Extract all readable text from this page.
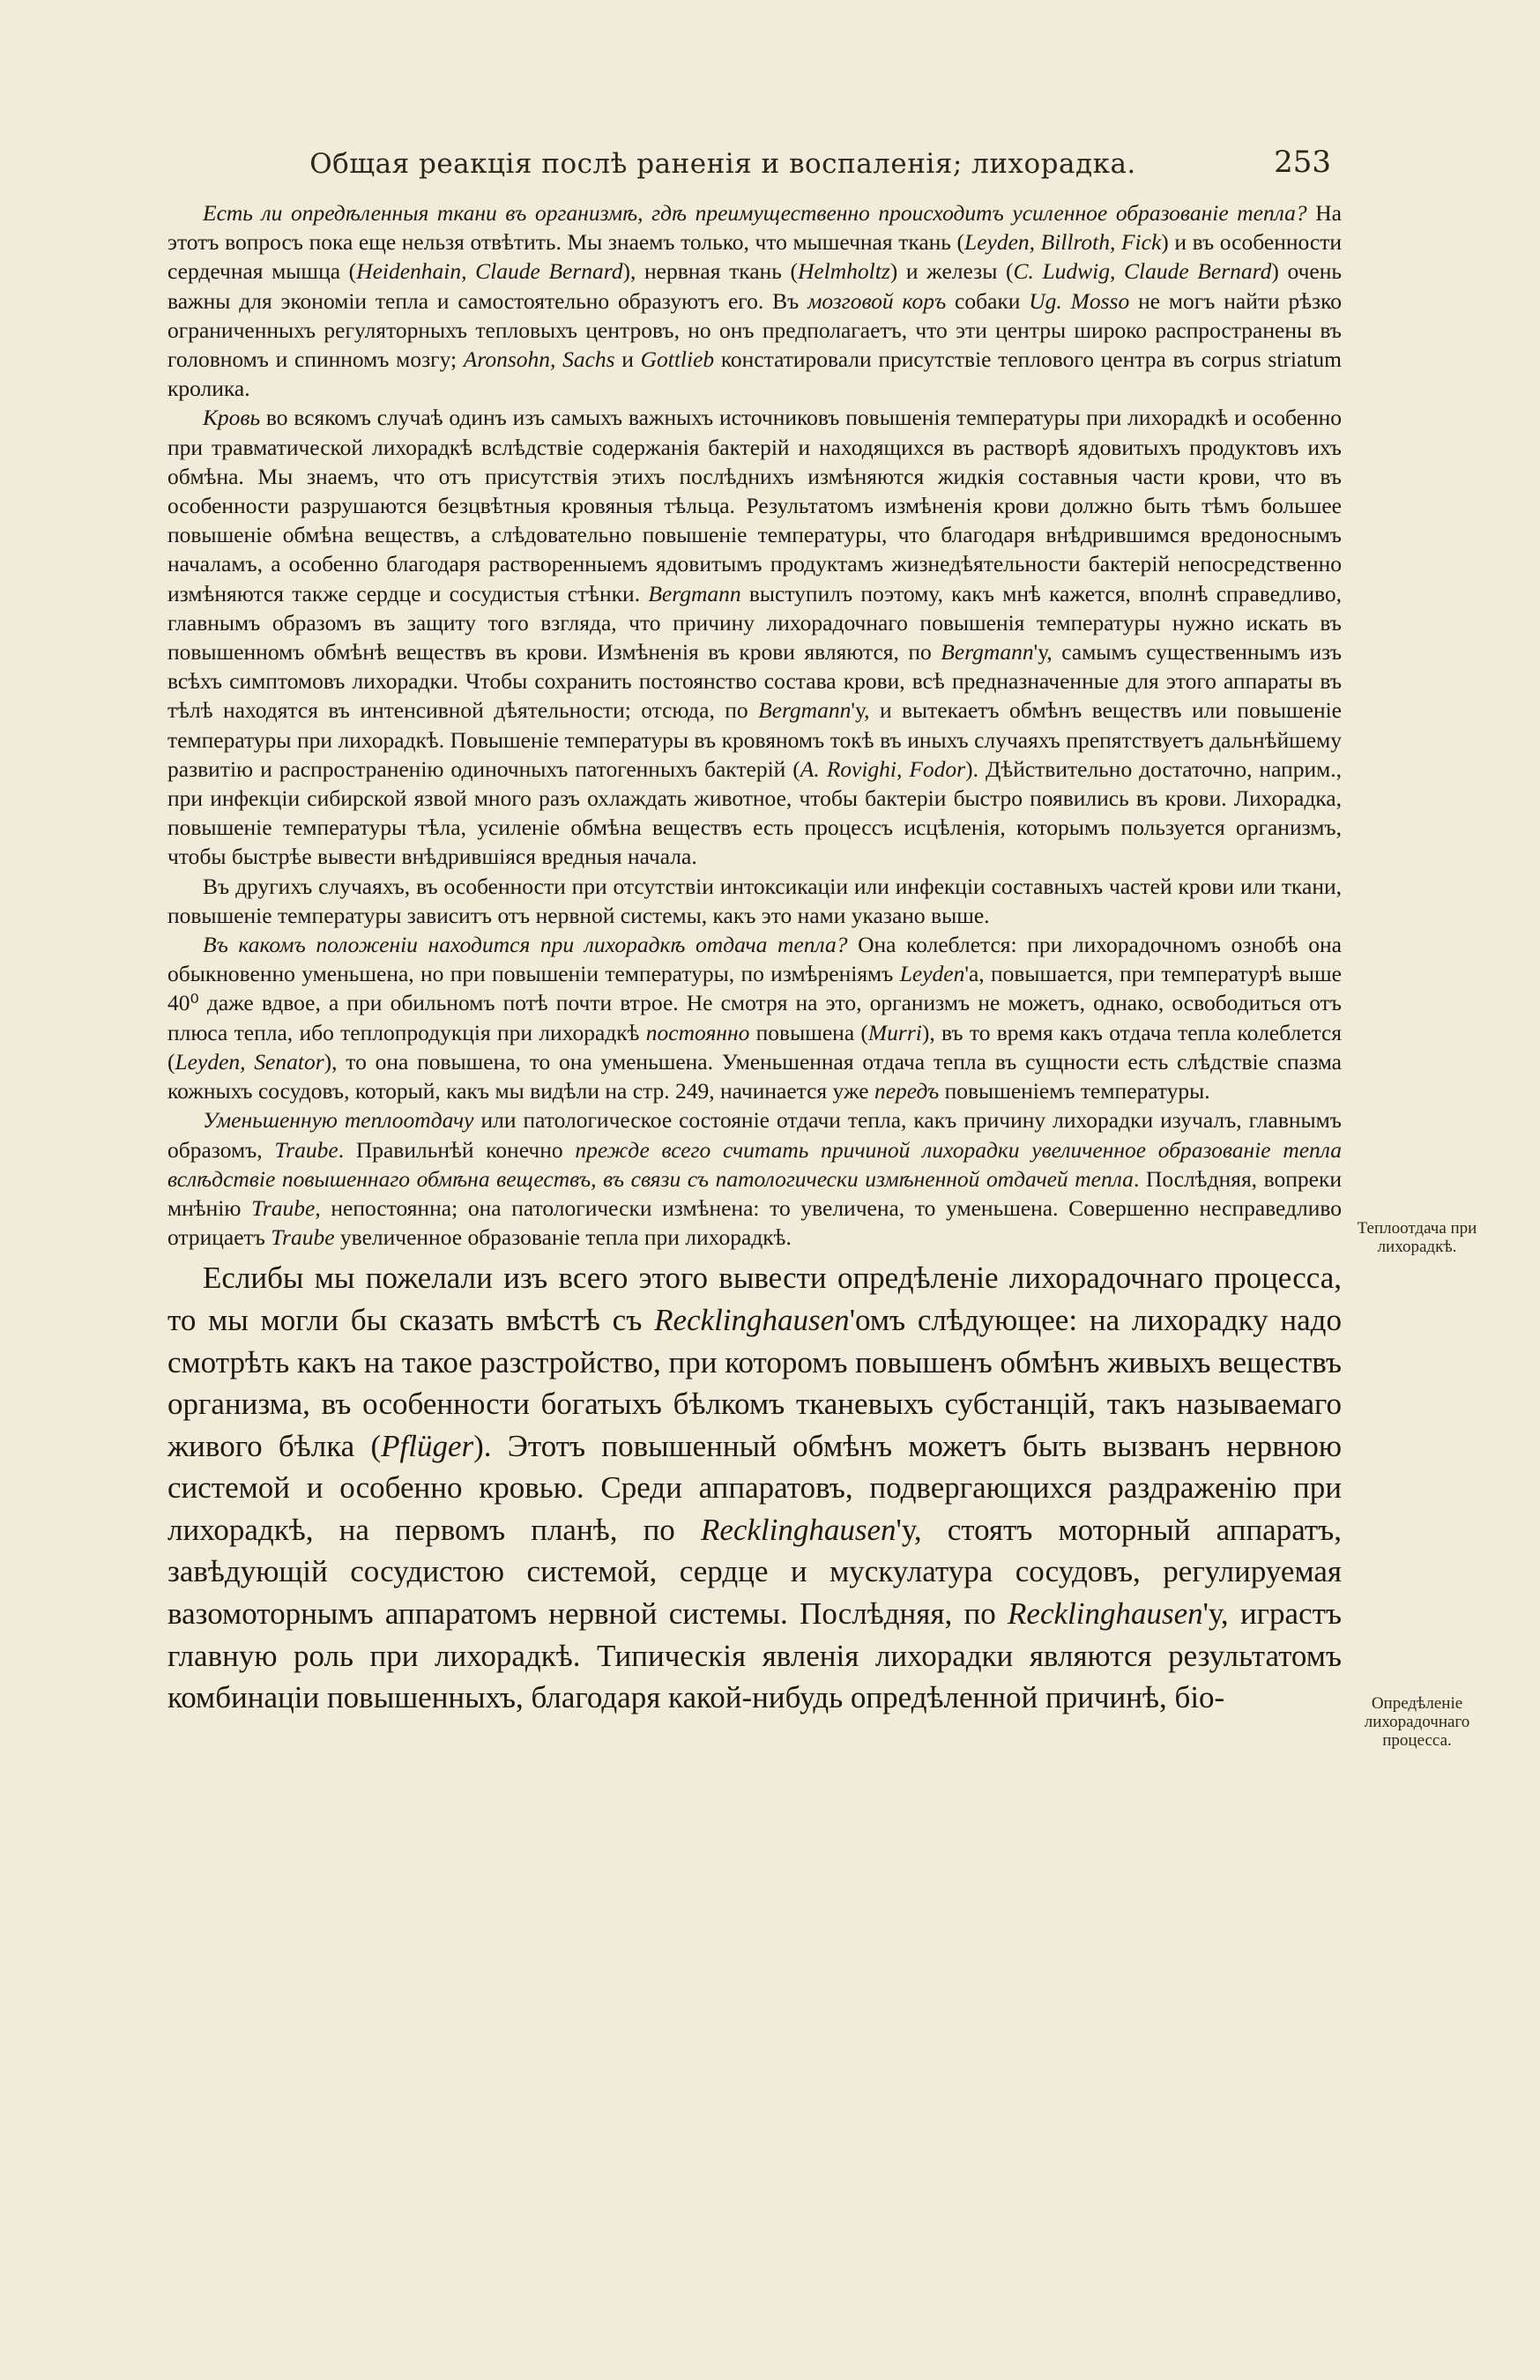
Общая реакція послѣ раненія и воспаленія; лихорадка.	253
Теплоотдача при лихорадкѣ.
Опредѣленіе лихорадочнаго процесса.

Есть ли опредѣленныя ткани въ организмѣ, гдѣ преимущественно происходитъ усиленное образованіе тепла? На этотъ вопросъ пока еще нельзя отвѣтить. Мы знаемъ только, что мышечная ткань (Leyden, Billroth, Fick) и въ особенности сердечная мышца (Heidenhain, Claude Bernard), нервная ткань (Helmholtz) и железы (C. Ludwig, Claude Bernard) очень важны для экономіи тепла и самостоятельно образуютъ его. Въ мозговой коръ собаки Ug. Mosso не могъ найти рѣзко ограниченныхъ регуляторныхъ тепловыхъ центровъ, но онъ предполагаетъ, что эти центры широко распространены въ головномъ и спинномъ мозгу; Aronsohn, Sachs и Gottlieb констатировали присутствіе теплового центра въ corpus striatum кролика.

Кровь во всякомъ случаѣ одинъ изъ самыхъ важныхъ источниковъ повышенія температуры при лихорадкѣ и особенно при травматической лихорадкѣ вслѣдствіе содержанія бактерій и находящихся въ растворѣ ядовитыхъ продуктовъ ихъ обмѣна. Мы знаемъ, что отъ присутствія этихъ послѣднихъ измѣняются жидкія составныя части крови, что въ особенности разрушаются безцвѣтныя кровяныя тѣльца. Результатомъ измѣненія крови должно быть тѣмъ большее повышеніе обмѣна веществъ, а слѣдовательно повышеніе температуры, что благодаря внѣдрившимся вредоноснымъ началамъ, а особенно благодаря растворенныемъ ядовитымъ продуктамъ жизнедѣятельности бактерій непосредственно измѣняются также сердце и сосудистыя стѣнки. Bergmann выступилъ поэтому, какъ мнѣ кажется, вполнѣ справедливо, главнымъ образомъ въ защиту того взгляда, что причину лихорадочнаго повышенія температуры нужно искать въ повышенномъ обмѣнѣ веществъ въ крови. Измѣненія въ крови являются, по Bergmann'у, самымъ существеннымъ изъ всѣхъ симптомовъ лихорадки. Чтобы сохранить постоянство состава крови, всѣ предназначенные для этого аппараты въ тѣлѣ находятся въ интенсивной дѣятельности; отсюда, по Bergmann'у, и вытекаетъ обмѣнъ веществъ или повышеніе температуры при лихорадкѣ. Повышеніе температуры въ кровяномъ токѣ въ иныхъ случаяхъ препятствуетъ дальнѣйшему развитію и распространенію одиночныхъ патогенныхъ бактерій (A. Rovighi, Fodor). Дѣйствительно достаточно, наприм., при инфекціи сибирской язвой много разъ охлаждать животное, чтобы бактеріи быстро появились въ крови. Лихорадка, повышеніе температуры тѣла, усиленіе обмѣна веществъ есть процессъ исцѣленія, которымъ пользуется организмъ, чтобы быстрѣе вывести внѣдрившіяся вредныя начала.

Въ другихъ случаяхъ, въ особенности при отсутствіи интоксикаціи или инфекціи составныхъ частей крови или ткани, повышеніе температуры зависитъ отъ нервной системы, какъ это нами указано выше.

Въ какомъ положеніи находится при лихорадкѣ отдача тепла? Она колеблется: при лихорадочномъ ознобѣ она обыкновенно уменьшена, но при повышеніи температуры, по измѣреніямъ Leyden'а, повышается, при температурѣ выше 40⁰ даже вдвое, а при обильномъ потѣ почти втрое. Не смотря на это, организмъ не можетъ, однако, освободиться отъ плюса тепла, ибо теплопродукція при лихорадкѣ постоянно повышена (Murri), въ то время какъ отдача тепла колеблется (Leyden, Senator), то она повышена, то она уменьшена. Уменьшенная отдача тепла въ сущности есть слѣдствіе спазма кожныхъ сосудовъ, который, какъ мы видѣли на стр. 249, начинается уже передъ повышеніемъ температуры.

Уменьшенную теплоотдачу или патологическое состояніе отдачи тепла, какъ причину лихорадки изучалъ, главнымъ образомъ, Traube. Правильнѣй конечно прежде всего считать причиной лихорадки увеличенное образованіе тепла вслѣдствіе повышеннаго обмѣна веществъ, въ связи съ патологически измѣненной отдачей тепла. Послѣдняя, вопреки мнѣнію Traube, непостоянна; она патологически измѣнена: то увеличена, то уменьшена. Совершенно несправедливо отрицаетъ Traube увеличенное образованіе тепла при лихорадкѣ.

Еслибы мы пожелали изъ всего этого вывести опредѣленіе лихорадочнаго процесса, то мы могли бы сказать вмѣстѣ съ Recklinghausen'омъ слѣдующее: на лихорадку надо смотрѣть какъ на такое разстройство, при которомъ повышенъ обмѣнъ живыхъ веществъ организма, въ особенности богатыхъ бѣлкомъ тканевыхъ субстанцій, такъ называемаго живого бѣлка (Pflüger). Этотъ повышенный обмѣнъ можетъ быть вызванъ нервною системой и особенно кровью. Среди аппаратовъ, подвергающихся раздраженію при лихорадкѣ, на первомъ планѣ, по Recklinghausen'у, стоятъ моторный аппаратъ, завѣдующій сосудистою системой, сердце и мускулатура сосудовъ, регулируемая вазомоторнымъ аппаратомъ нервной системы. Послѣдняя, по Recklinghausen'у, играстъ главную роль при лихорадкѣ. Типическія явленія лихорадки являются результатомъ комбинаціи повышенныхъ, благодаря какой-нибудь опредѣленной причинѣ, біо-
